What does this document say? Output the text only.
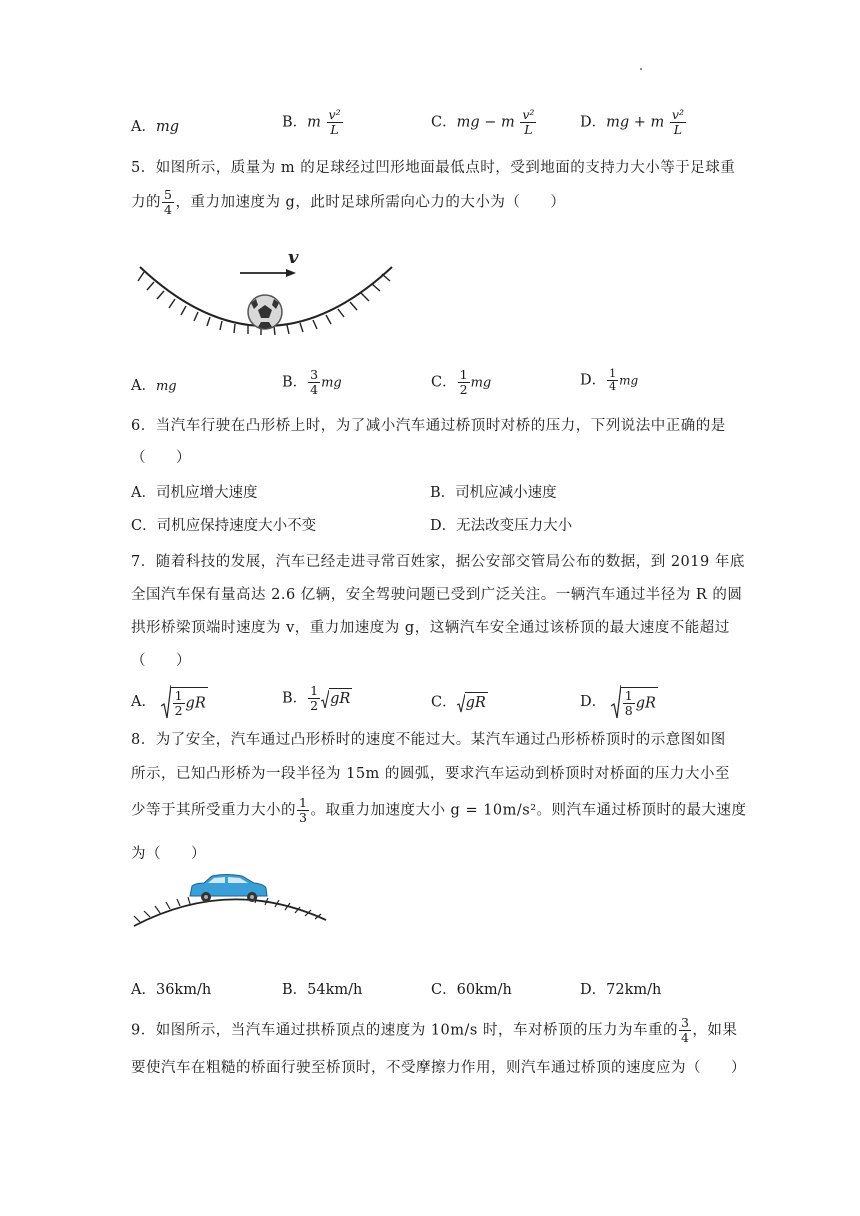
A．mg	B．m $\frac{\text{v²}}{L}$	C．mg − m $\frac{\text{v²}}{L}$	D．mg + m $\frac{\text{v²}}{L}$
5．如图所示，质量为 m 的足球经过凹形地面最低点时，受到地面的支持力大小等于足球重
力的 $\frac{5}{4}$ ，重力加速度为 g，此时足球所需向心力的大小为（　　）
v
A．mg	B． $\frac{3}{4}$ mg	C． $\frac{1}{2}$ mg	D． $\frac{1}{4}$ mg
6．当汽车行驶在凸形桥上时，为了减小汽车通过桥顶时对桥的压力，下列说法中正确的是
（　　）
A．司机应增大速度	B．司机应减小速度
C．司机应保持速度大小不变	D．无法改变压力大小
7．随着科技的发展，汽车已经走进寻常百姓家，据公安部交管局公布的数据，到 2019 年底
全国汽车保有量高达 2.6 亿辆，安全驾驶问题已受到广泛关注。一辆汽车通过半径为 R 的圆
拱形桥梁顶端时速度为 v，重力加速度为 g，这辆汽车安全通过该桥顶的最大速度不能超过
（　　）
A． $\frac{1}{2}$ gR	B． $\frac{1}{2}$ gR	C． gR	D． $\frac{1}{8}$ gR
8．为了安全，汽车通过凸形桥时的速度不能过大。某汽车通过凸形桥桥顶时的示意图如图
所示，已知凸形桥为一段半径为 15m 的圆弧，要求汽车运动到桥顶时对桥面的压力大小至
少等于其所受重力大小的 $\frac{1}{3}$ 。取重力加速度大小 g = 10m/s²。则汽车通过桥顶时的最大速度
为（　　）
A．36km/h	B．54km/h	C．60km/h	D．72km/h
9．如图所示，当汽车通过拱桥顶点的速度为 10m/s 时，车对桥顶的压力为车重的 $\frac{3}{4}$ ，如果
要使汽车在粗糙的桥面行驶至桥顶时，不受摩擦力作用，则汽车通过桥顶的速度应为（　　）
